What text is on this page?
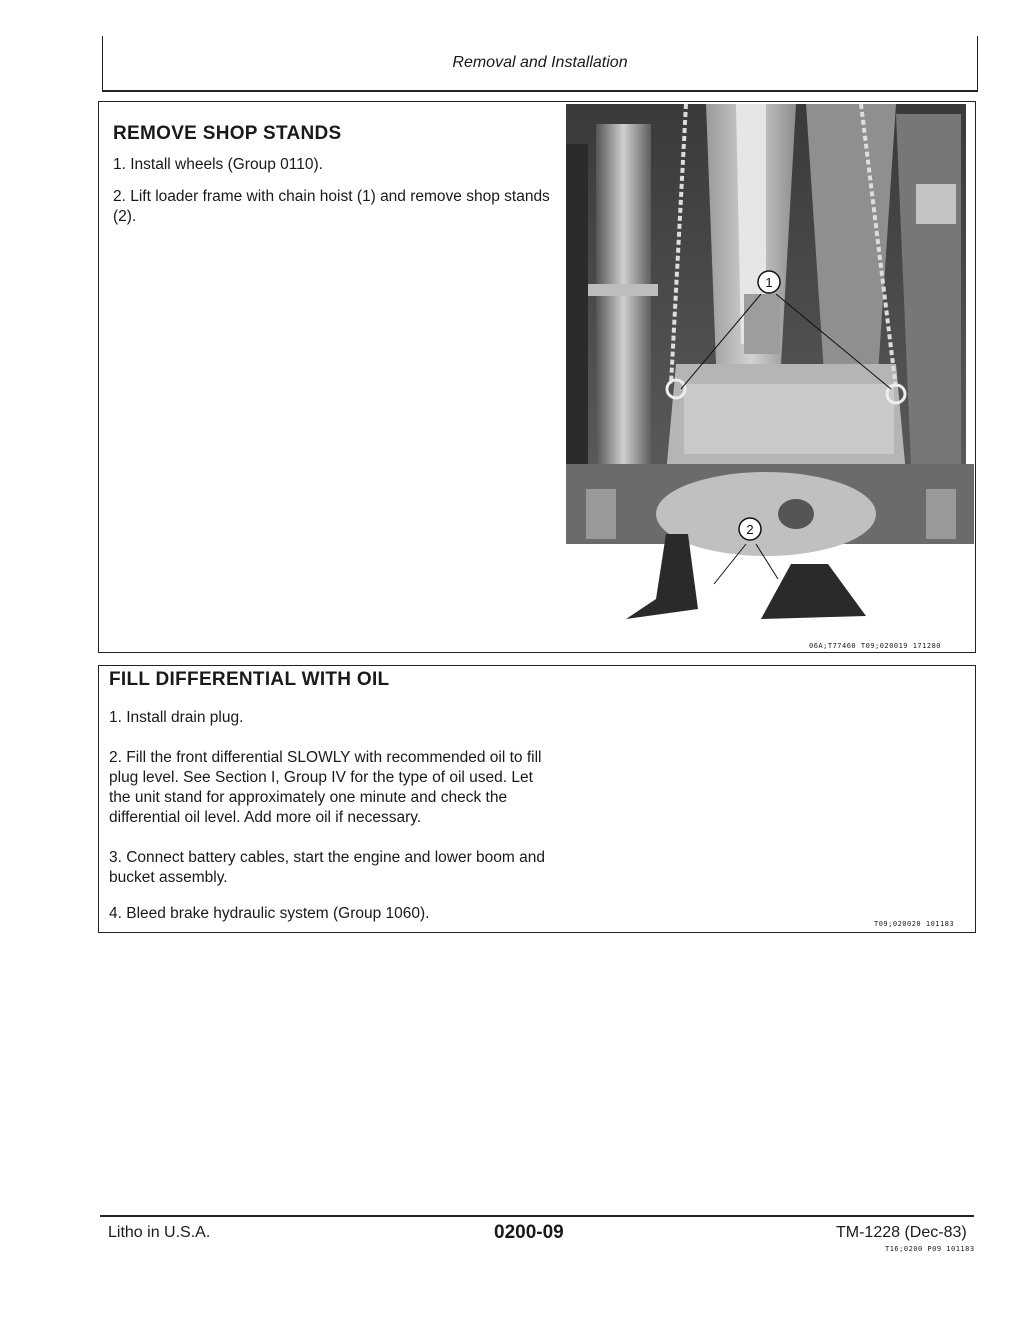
Removal and Installation
REMOVE SHOP STANDS
1. Install wheels (Group 0110).
2. Lift loader frame with chain hoist (1) and remove shop stands (2).
06A;T77460 T09;020019 171280
1
2
FILL DIFFERENTIAL WITH OIL
1. Install drain plug.
2. Fill the front differential SLOWLY with recommended oil to fill plug level. See Section I, Group IV for the type of oil used. Let the unit stand for approximately one minute and check the differential oil level. Add more oil if necessary.
3. Connect battery cables, start the engine and lower boom and bucket assembly.
4. Bleed brake hydraulic system (Group 1060).
T09;020020 101183
Litho in U.S.A.	0200-09	TM-1228 (Dec-83)
T16;0200 P09 101183
